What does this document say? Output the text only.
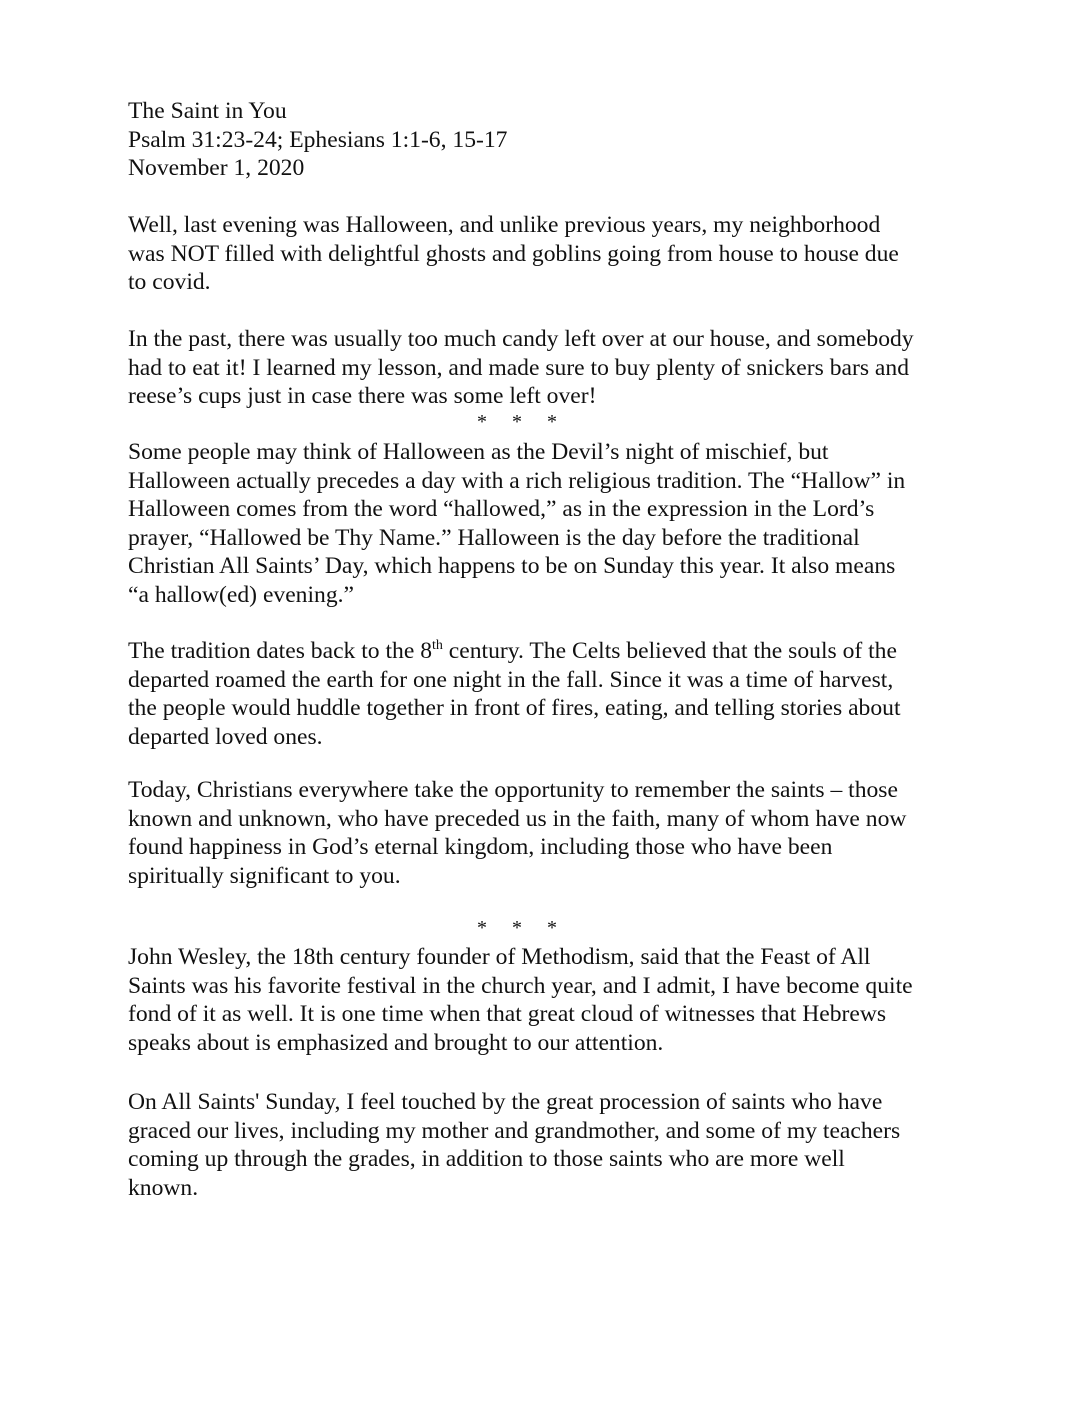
The Saint in You
Psalm 31:23-24; Ephesians 1:1-6, 15-17
November 1, 2020
Well, last evening was Halloween, and unlike previous years, my neighborhood
was NOT filled with delightful ghosts and goblins going from house to house due
to covid.
In the past, there was usually too much candy left over at our house, and somebody
had to eat it! I learned my lesson, and made sure to buy plenty of snickers bars and
reese’s cups just in case there was some left over!
*     *     *
Some people may think of Halloween as the Devil’s night of mischief, but
Halloween actually precedes a day with a rich religious tradition. The “Hallow” in
Halloween comes from the word “hallowed,” as in the expression in the Lord’s
prayer, “Hallowed be Thy Name.” Halloween is the day before the traditional
Christian All Saints’ Day, which happens to be on Sunday this year. It also means
“a hallow(ed) evening.”
The tradition dates back to the 8th century. The Celts believed that the souls of the
departed roamed the earth for one night in the fall. Since it was a time of harvest,
the people would huddle together in front of fires, eating, and telling stories about
departed loved ones.
Today, Christians everywhere take the opportunity to remember the saints – those
known and unknown, who have preceded us in the faith, many of whom have now
found happiness in God’s eternal kingdom, including those who have been
spiritually significant to you.
*     *     *
John Wesley, the 18th century founder of Methodism, said that the Feast of All
Saints was his favorite festival in the church year, and I admit, I have become quite
fond of it as well. It is one time when that great cloud of witnesses that Hebrews
speaks about is emphasized and brought to our attention.
On All Saints' Sunday, I feel touched by the great procession of saints who have
graced our lives, including my mother and grandmother, and some of my teachers
coming up through the grades, in addition to those saints who are more well
known.
